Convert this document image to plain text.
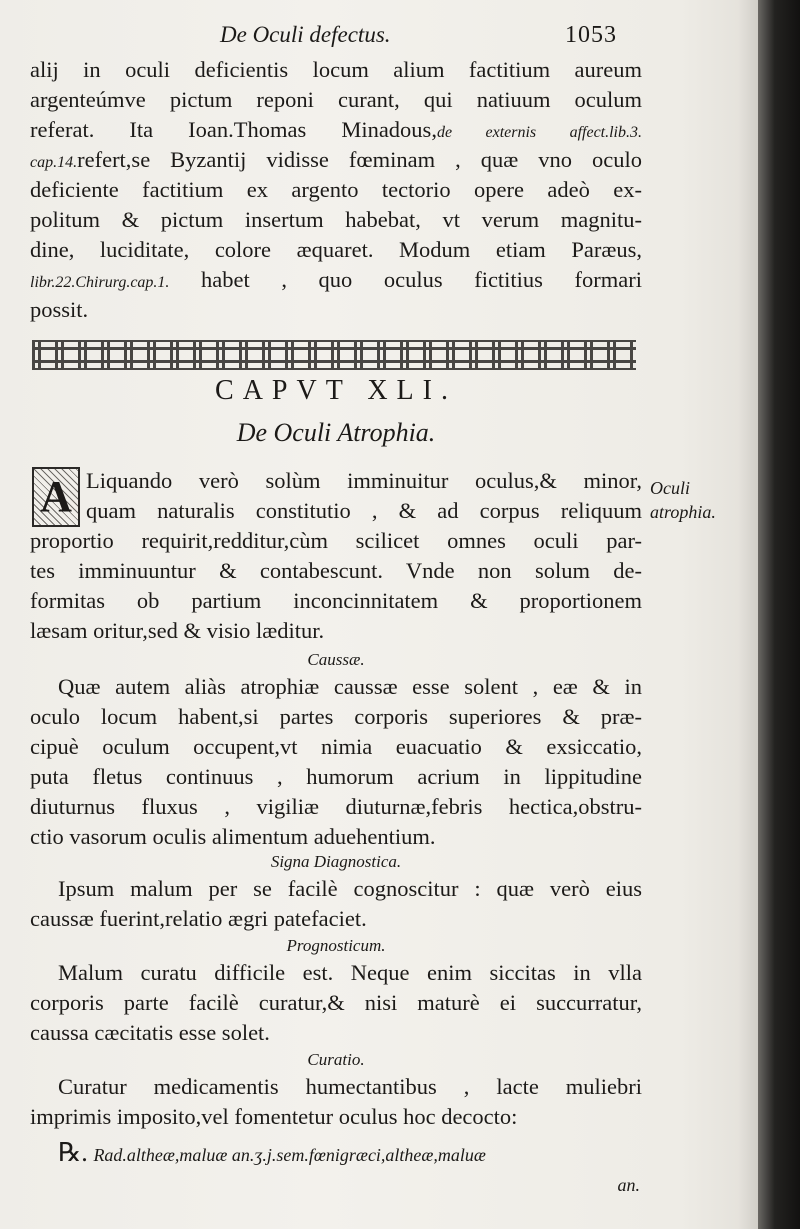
De Oculi defectus.	1053
alij in oculi deficientis locum alium factitium aureum
argenteúmve pictum reponi curant, qui natiuum oculum
referat. Ita Ioan.Thomas Minadous,de externis affect.lib.3.
cap.14.refert,se Byzantij vidisse fœminam , quæ vno oculo
deficiente factitium ex argento tectorio opere adeò ex-
politum & pictum insertum habebat, vt verum magnitu-
dine, luciditate, colore æquaret. Modum etiam Paræus,
libr.22.Chirurg.cap.1. habet , quo oculus fictitius formari
possit.
CAPVT XLI.
De Oculi Atrophia.
Oculi
atrophia.
A Liquando verò solùm imminuitur oculus,& minor,
quam naturalis constitutio , & ad corpus reliquum
proportio requirit,redditur,cùm scilicet omnes oculi par-
tes imminuuntur & contabescunt. Vnde non solum de-
formitas ob partium inconcinnitatem & proportionem
læsam oritur,sed & visio læditur.
Caussæ.
Quæ autem aliàs atrophiæ caussæ esse solent , eæ & in
oculo locum habent,si partes corporis superiores & præ-
cipuè oculum occupent,vt nimia euacuatio & exsiccatio,
puta fletus continuus , humorum acrium in lippitudine
diuturnus fluxus , vigiliæ diuturnæ,febris hectica,obstru-
ctio vasorum oculis alimentum aduehentium.
Signa Diagnostica.
Ipsum malum per se facilè cognoscitur : quæ verò eius
caussæ fuerint,relatio ægri patefaciet.
Prognosticum.
Malum curatu difficile est. Neque enim siccitas in vlla
corporis parte facilè curatur,& nisi maturè ei succurratur,
caussa cæcitatis esse solet.
Curatio.
Curatur medicamentis humectantibus , lacte muliebri
imprimis imposito,vel fomentetur oculus hoc decocto:
℞. Rad.altheæ,maluæ an.ʒ.j.sem.fœnigræci,altheæ,maluæ
an.
